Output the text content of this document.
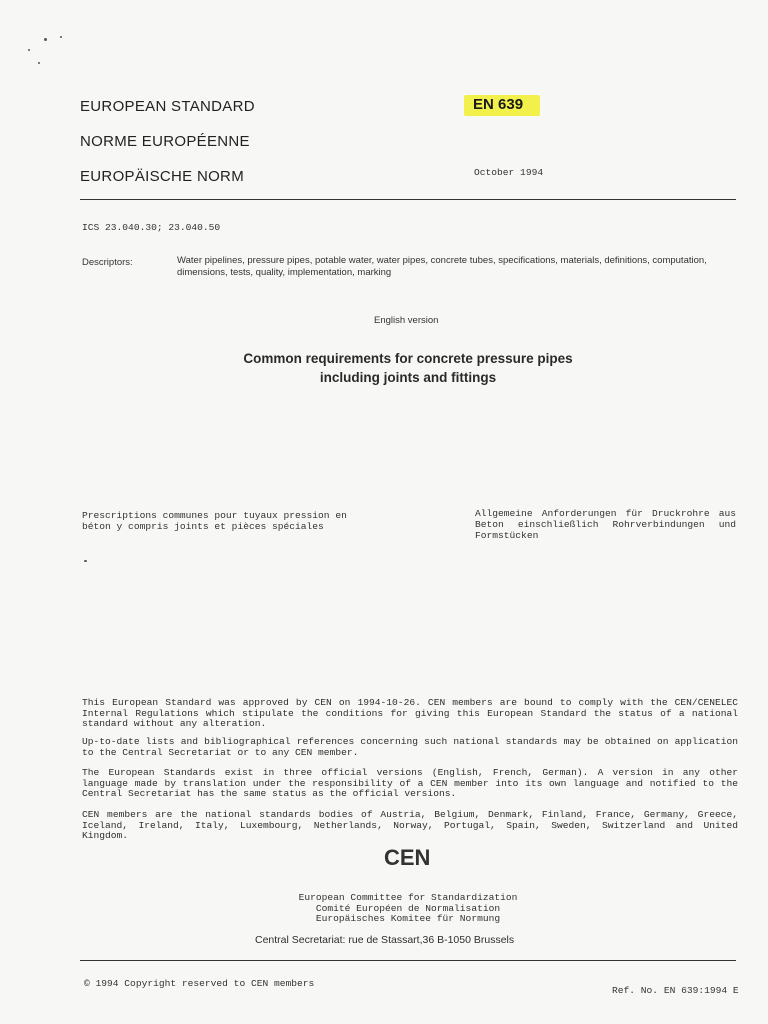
EUROPEAN STANDARD
NORME EUROPÉENNE
EUROPÄISCHE NORM
EN 639
October 1994
ICS 23.040.30; 23.040.50
Descriptors:	Water pipelines, pressure pipes, potable water, water pipes, concrete tubes, specifications, materials, definitions, computation, dimensions, tests, quality, implementation, marking
English version
Common requirements for concrete pressure pipes
including joints and fittings
Prescriptions communes pour tuyaux pression en béton y compris joints et pièces spéciales
Allgemeine Anforderungen für Druckrohre aus Beton einschließlich Rohrverbindungen und Formstücken
This European Standard was approved by CEN on 1994-10-26. CEN members are bound to comply with the CEN/CENELEC Internal Regulations which stipulate the conditions for giving this European Standard the status of a national standard without any alteration.
Up-to-date lists and bibliographical references concerning such national standards may be obtained on application to the Central Secretariat or to any CEN member.
The European Standards exist in three official versions (English, French, German). A version in any other language made by translation under the responsibility of a CEN member into its own language and notified to the Central Secretariat has the same status as the official versions.
CEN members are the national standards bodies of Austria, Belgium, Denmark, Finland, France, Germany, Greece, Iceland, Ireland, Italy, Luxembourg, Netherlands, Norway, Portugal, Spain, Sweden, Switzerland and United Kingdom.
CEN
European Committee for Standardization
Comité Européen de Normalisation
Europäisches Komitee für Normung
Central Secretariat: rue de Stassart,36 B-1050 Brussels
© 1994 Copyright reserved to CEN members
Ref. No. EN 639:1994 E
